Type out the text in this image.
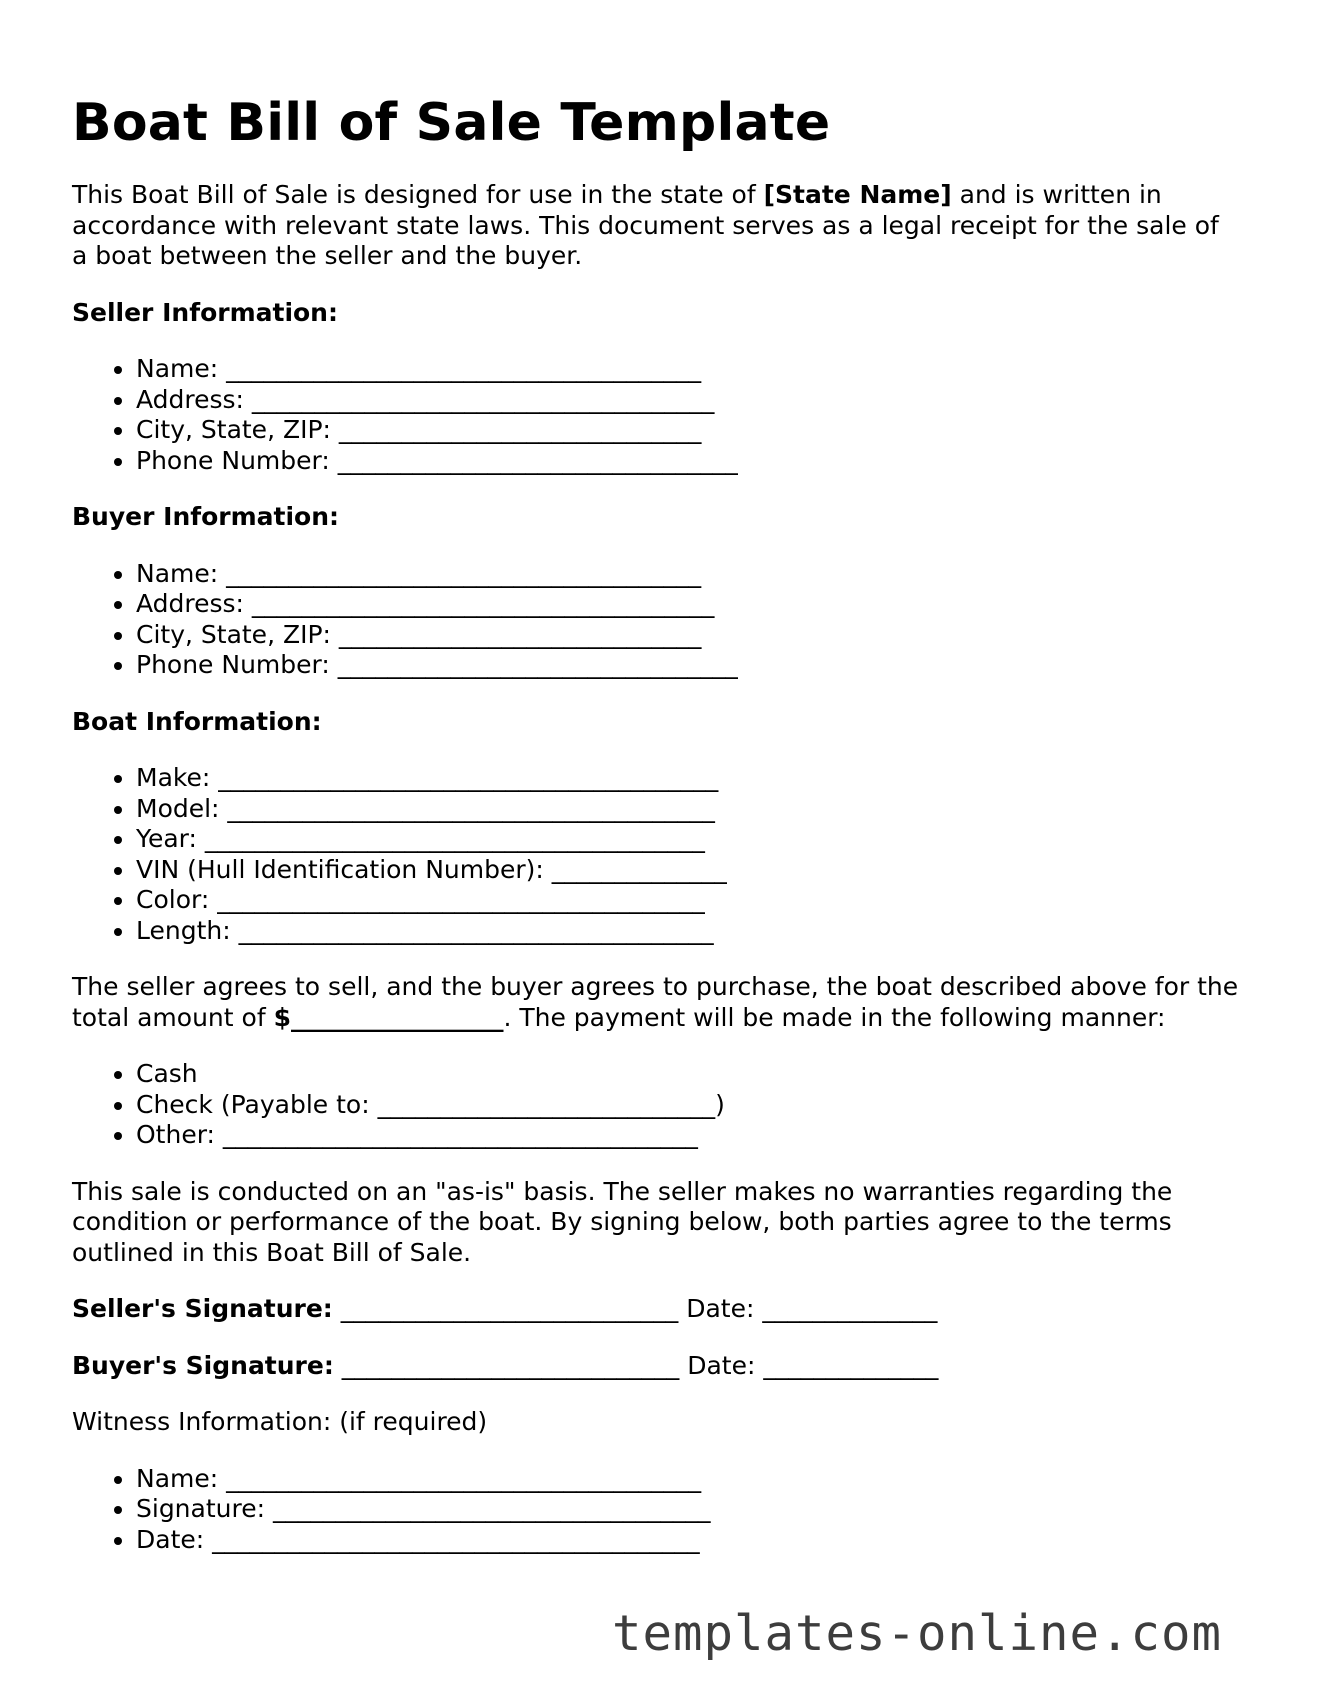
Boat Bill of Sale Template

This Boat Bill of Sale is designed for use in the state of [State Name] and is written in accordance with relevant state laws. This document serves as a legal receipt for the sale of a boat between the seller and the buyer.

Seller Information:
• Name: ______________________________________
• Address: _____________________________________
• City, State, ZIP: _____________________________
• Phone Number: ________________________________
Buyer Information:
• Name: ______________________________________
• Address: _____________________________________
• City, State, ZIP: _____________________________
• Phone Number: ________________________________
Boat Information:
• Make: ________________________________________
• Model: _______________________________________
• Year: ________________________________________
• VIN (Hull Identification Number): ______________
• Color: _______________________________________
• Length: ______________________________________

The seller agrees to sell, and the buyer agrees to purchase, the boat described above for the total amount of $_________________. The payment will be made in the following manner:

• Cash
• Check (Payable to: ___________________________)
• Other: ______________________________________

This sale is conducted on an "as-is" basis. The seller makes no warranties regarding the condition or performance of the boat. By signing below, both parties agree to the terms outlined in this Boat Bill of Sale.

Seller's Signature: ___________________________ Date: ______________
Buyer's Signature: ___________________________ Date: ______________
Witness Information: (if required)
• Name: ______________________________________
• Signature: ___________________________________
• Date: _______________________________________
templates-online.com
